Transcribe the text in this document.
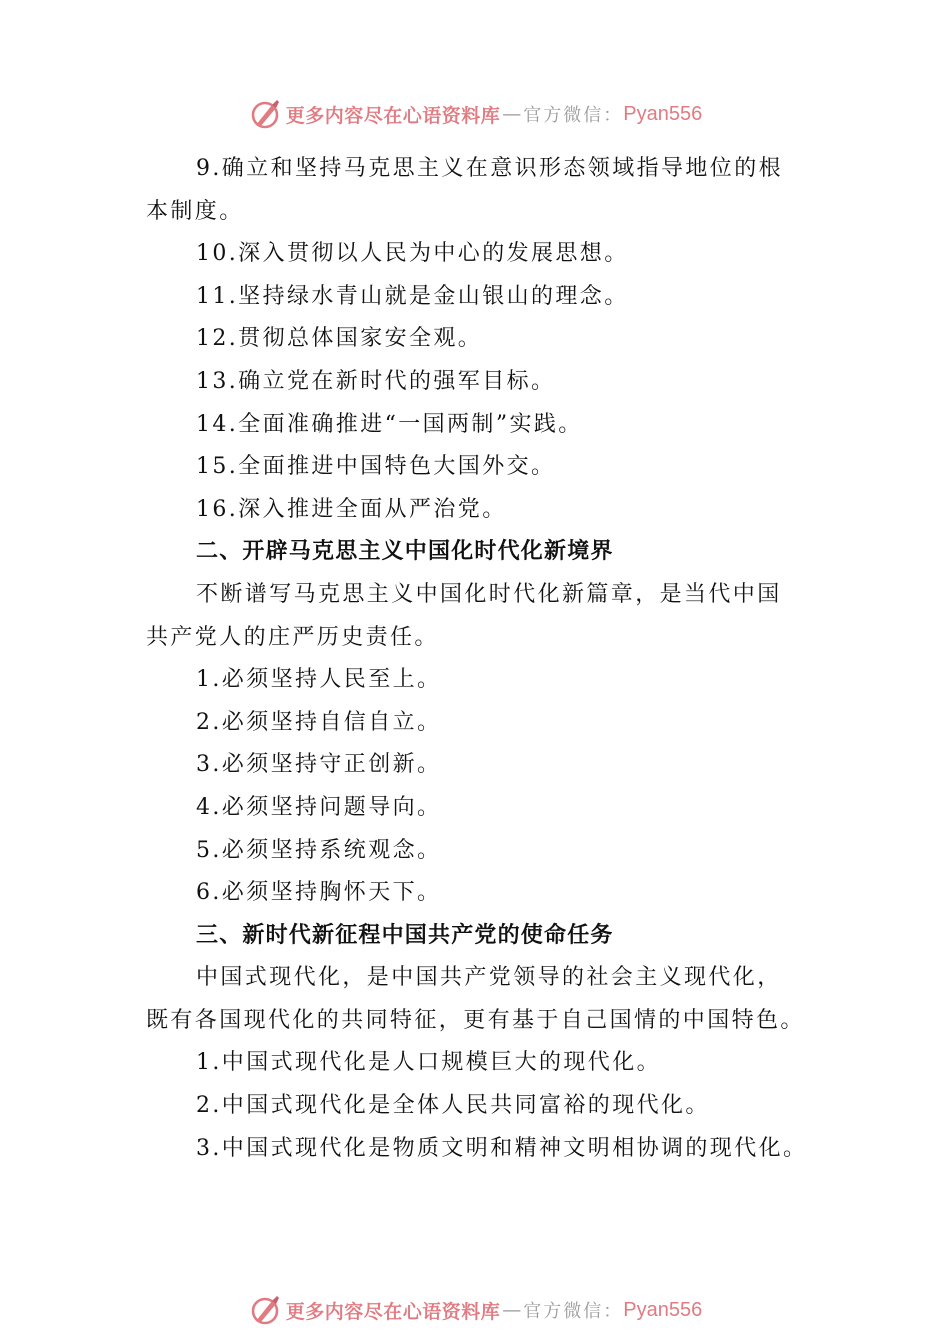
更多内容尽在心语资料库 — 官方微信： Pyan556
9.确立和坚持马克思主义在意识形态领域指导地位的根
本制度。
10.深入贯彻以人民为中心的发展思想。
11.坚持绿水青山就是金山银山的理念。
12.贯彻总体国家安全观。
13.确立党在新时代的强军目标。
14.全面准确推进“一国两制”实践。
15.全面推进中国特色大国外交。
16.深入推进全面从严治党。
二、开辟马克思主义中国化时代化新境界
不断谱写马克思主义中国化时代化新篇章，是当代中国
共产党人的庄严历史责任。
1.必须坚持人民至上。
2.必须坚持自信自立。
3.必须坚持守正创新。
4.必须坚持问题导向。
5.必须坚持系统观念。
6.必须坚持胸怀天下。
三、新时代新征程中国共产党的使命任务
中国式现代化，是中国共产党领导的社会主义现代化，
既有各国现代化的共同特征，更有基于自己国情的中国特色。
1.中国式现代化是人口规模巨大的现代化。
2.中国式现代化是全体人民共同富裕的现代化。
3.中国式现代化是物质文明和精神文明相协调的现代化。
更多内容尽在心语资料库 — 官方微信： Pyan556
